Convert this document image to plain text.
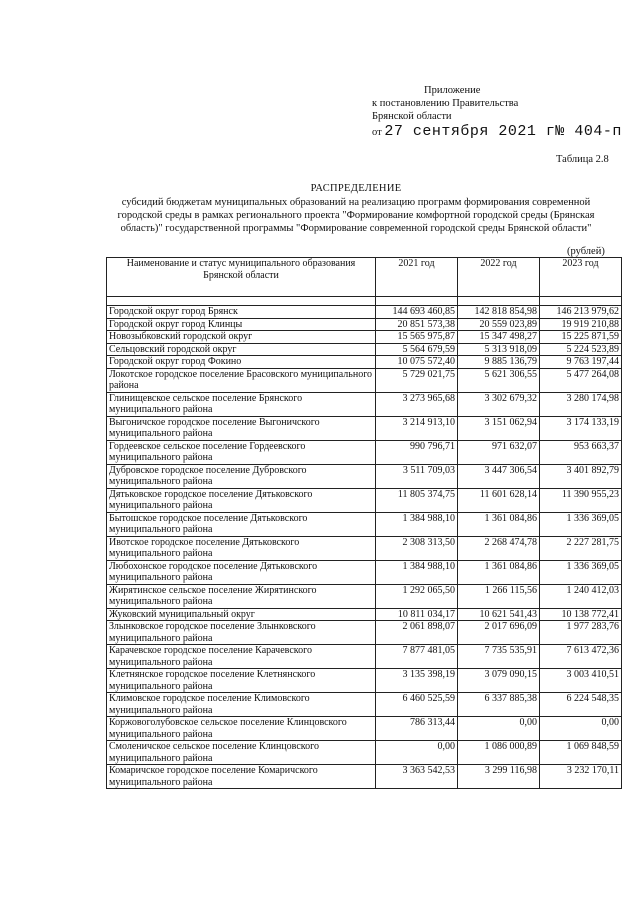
Приложение
к постановлению Правительства
Брянской области
от 27 сентября 2021 г№ 404-п
Таблица 2.8
РАСПРЕДЕЛЕНИЕ
субсидий бюджетам муниципальных образований на реализацию программ формирования современной
городской среды в рамках регионального проекта "Формирование комфортной городской среды (Брянская
область)" государственной программы "Формирование современной городской среды Брянской области"
(рублей)
Наименование и статус муниципального образования Брянской области	2021 год	2022 год	2023 год

Городской округ город Брянск	144 693 460,85	142 818 854,98	146 213 979,62
Городской округ город Клинцы	20 851 573,38	20 559 023,89	19 919 210,88
Новозыбковский городской округ	15 565 975,87	15 347 498,27	15 225 871,59
Сельцовский городской округ	5 564 679,59	5 313 918,09	5 224 523,89
Городской округ город Фокино	10 075 572,40	9 885 136,79	9 763 197,44
Локотское городское поселение Брасовского муниципального района	5 729 021,75	5 621 306,55	5 477 264,08
Глинищевское сельское поселение Брянского муниципального района	3 273 965,68	3 302 679,32	3 280 174,98
Выгоничское городское поселение Выгоничского муниципального района	3 214 913,10	3 151 062,94	3 174 133,19
Гордеевское сельское поселение Гордеевского муниципального района	990 796,71	971 632,07	953 663,37
Дубровское городское поселение Дубровского муниципального района	3 511 709,03	3 447 306,54	3 401 892,79
Дятьковское городское поселение Дятьковского муниципального района	11 805 374,75	11 601 628,14	11 390 955,23
Бытошское городское поселение Дятьковского муниципального района	1 384 988,10	1 361 084,86	1 336 369,05
Ивотское городское поселение Дятьковского муниципального района	2 308 313,50	2 268 474,78	2 227 281,75
Любохонское городское поселение Дятьковского муниципального района	1 384 988,10	1 361 084,86	1 336 369,05
Жирятинское сельское поселение Жирятинского муниципального района	1 292 065,50	1 266 115,56	1 240 412,03
Жуковский муниципальный округ	10 811 034,17	10 621 541,43	10 138 772,41
Злынковское городское поселение Злынковского муниципального района	2 061 898,07	2 017 696,09	1 977 283,76
Карачевское городское поселение Карачевского муниципального района	7 877 481,05	7 735 535,91	7 613 472,36
Клетнянское городское поселение Клетнянского муниципального района	3 135 398,19	3 079 090,15	3 003 410,51
Климовское городское поселение Климовского муниципального района	6 460 525,59	6 337 885,38	6 224 548,35
Коржовоголубовское сельское поселение Клинцовского муниципального района	786 313,44	0,00	0,00
Смоленичское сельское поселение Клинцовского муниципального района	0,00	1 086 000,89	1 069 848,59
Комаричское городское поселение Комаричского муниципального района	3 363 542,53	3 299 116,98	3 232 170,11
